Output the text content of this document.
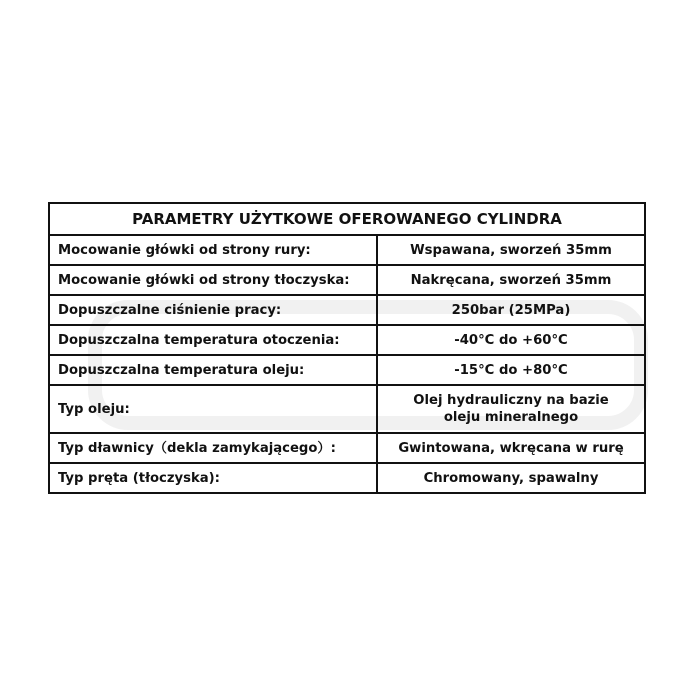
PARAMETRY UŻYTKOWE OFEROWANEGO CYLINDRA	
Mocowanie główki od strony rury:	Wspawana, sworzeń 35mm
Mocowanie główki od strony tłoczyska:	Nakręcana, sworzeń 35mm
Dopuszczalne ciśnienie pracy:	250bar (25MPa)
Dopuszczalna temperatura otoczenia:	-40°C do +60°C
Dopuszczalna temperatura oleju:	-15°C do +80°C
Typ oleju:	Olej hydrauliczny na bazie
oleju mineralnego

Typ dławnicy（dekla zamykającego）:	Gwintowana, wkręcana w rurę
Typ pręta (tłoczyska):	Chromowany, spawalny
